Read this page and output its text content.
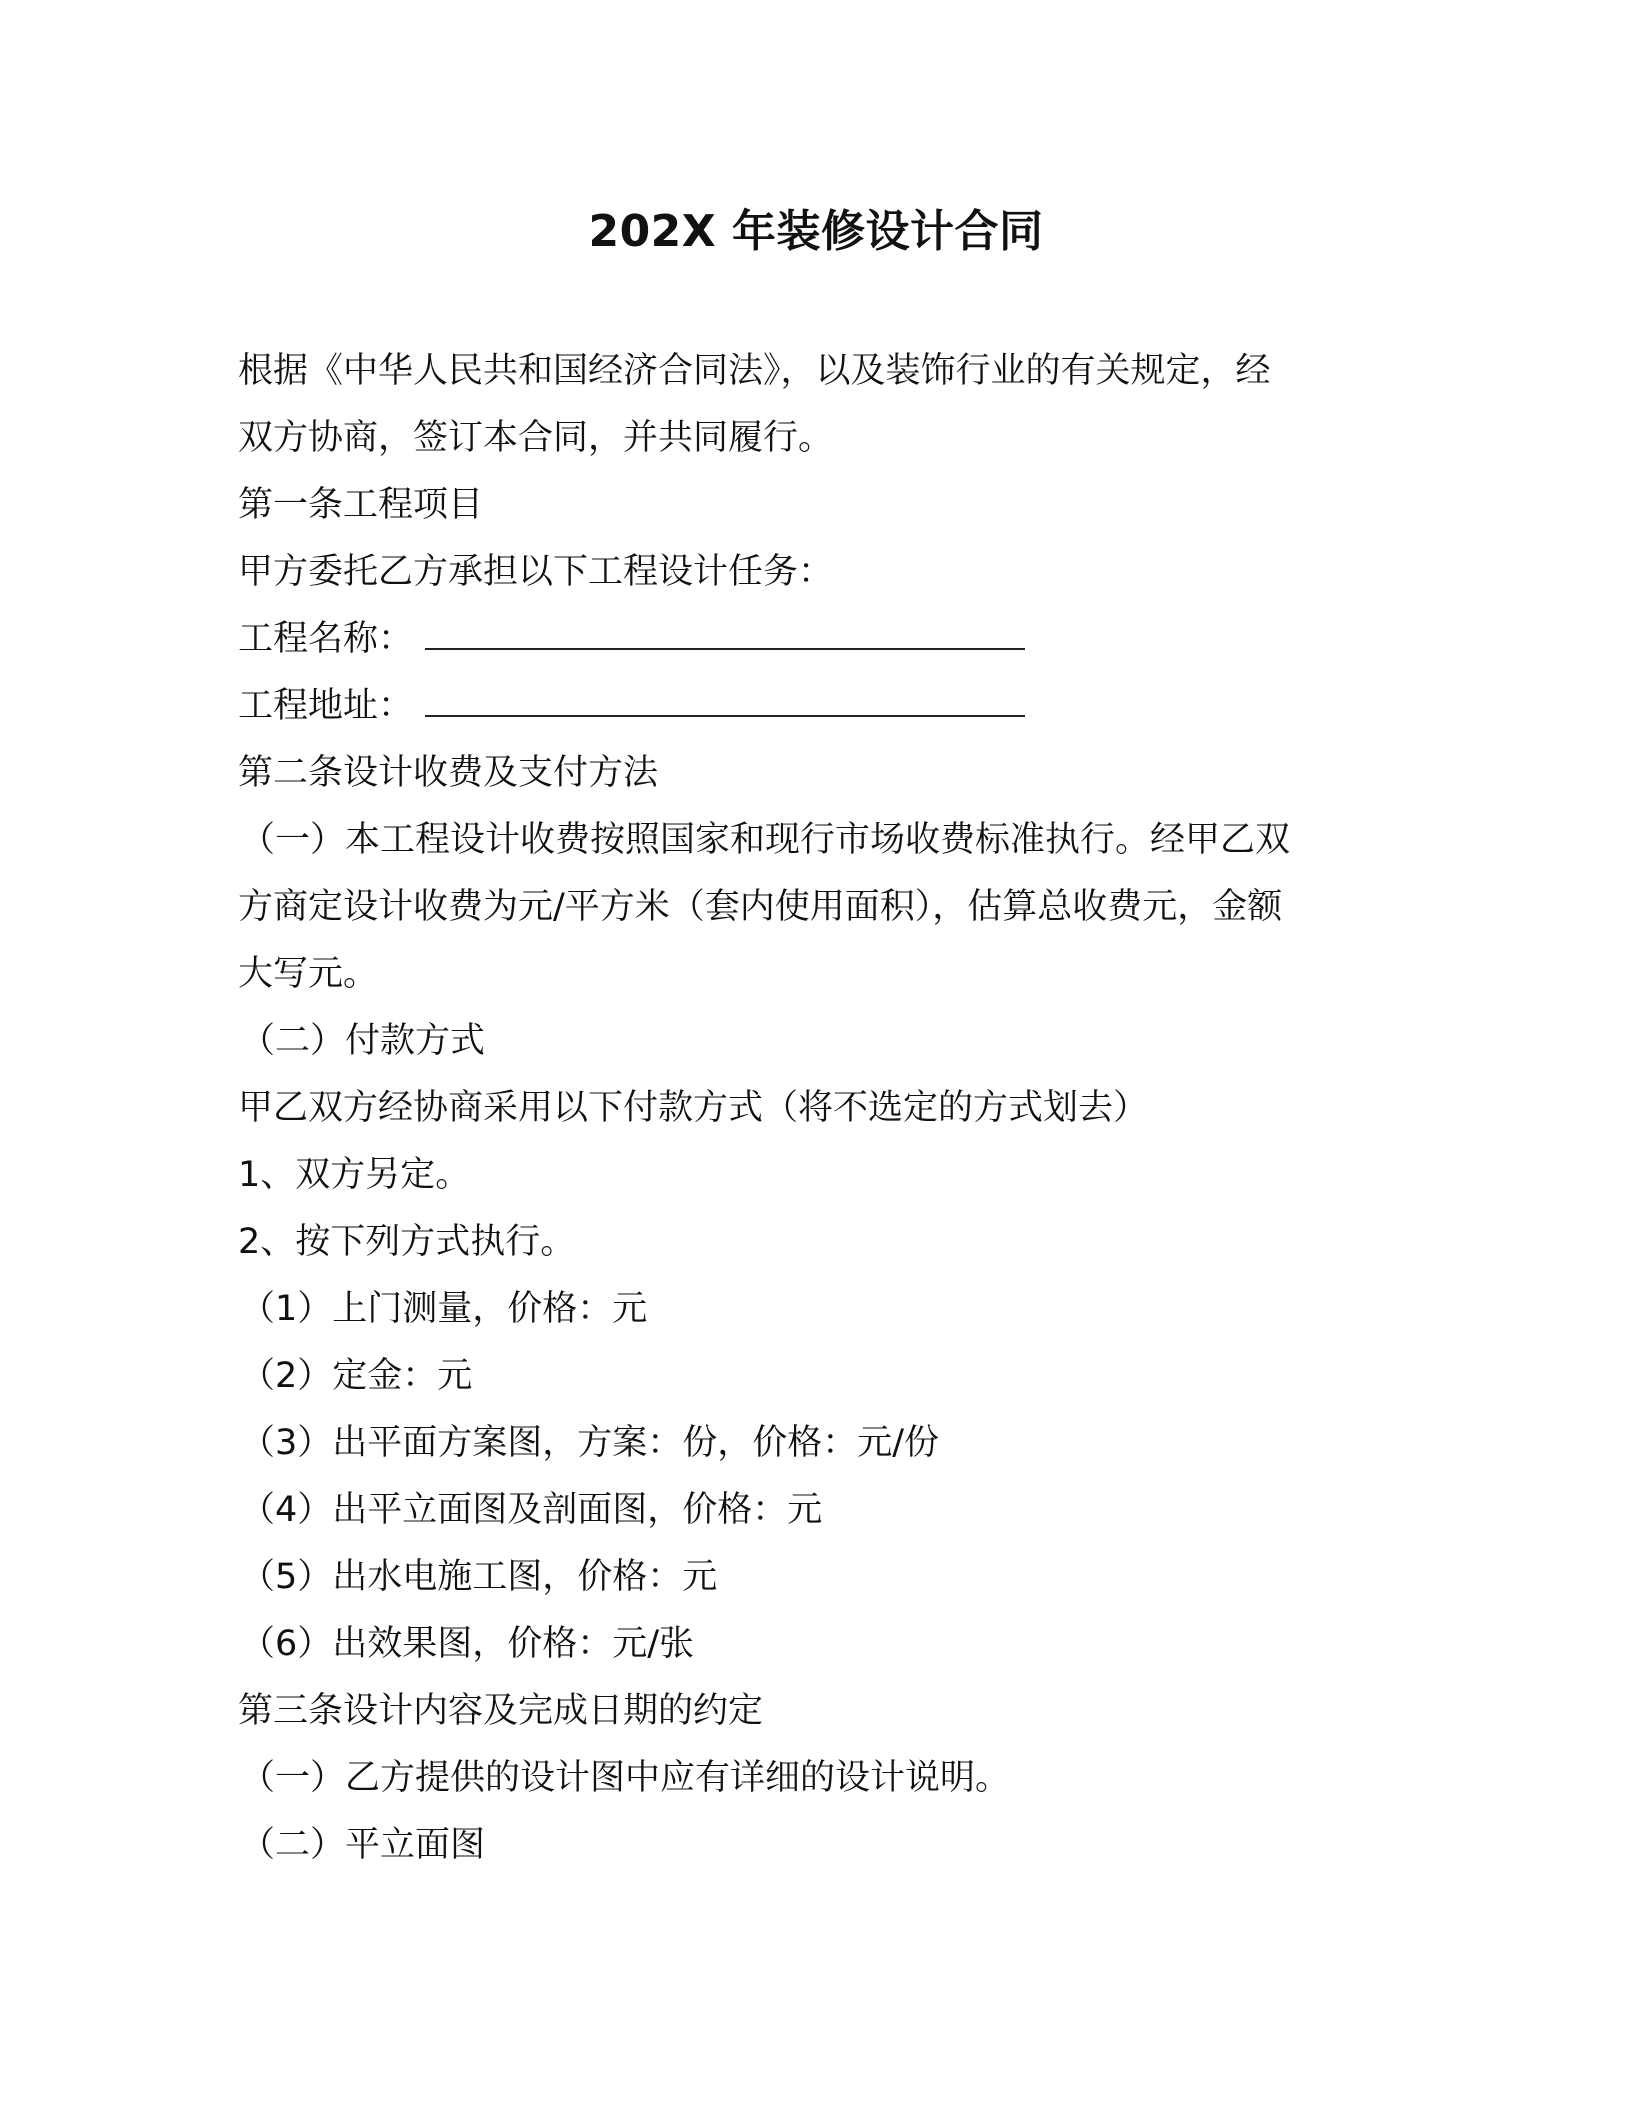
202X 年装修设计合同
根据《中华人民共和国经济合同法》，以及装饰行业的有关规定，经
双方协商，签订本合同，并共同履行。
第一条工程项目
甲方委托乙方承担以下工程设计任务：
工程名称：
工程地址：
第二条设计收费及支付方法
（一）本工程设计收费按照国家和现行市场收费标准执行。经甲乙双
方商定设计收费为元/平方米（套内使用面积），估算总收费元，金额
大写元。
（二）付款方式
甲乙双方经协商采用以下付款方式（将不选定的方式划去）
1、双方另定。
2、按下列方式执行。
（1）上门测量，价格：元
（2）定金：元
（3）出平面方案图，方案：份，价格：元/份
（4）出平立面图及剖面图，价格：元
（5）出水电施工图，价格：元
（6）出效果图，价格：元/张
第三条设计内容及完成日期的约定
（一）乙方提供的设计图中应有详细的设计说明。
（二）平立面图
